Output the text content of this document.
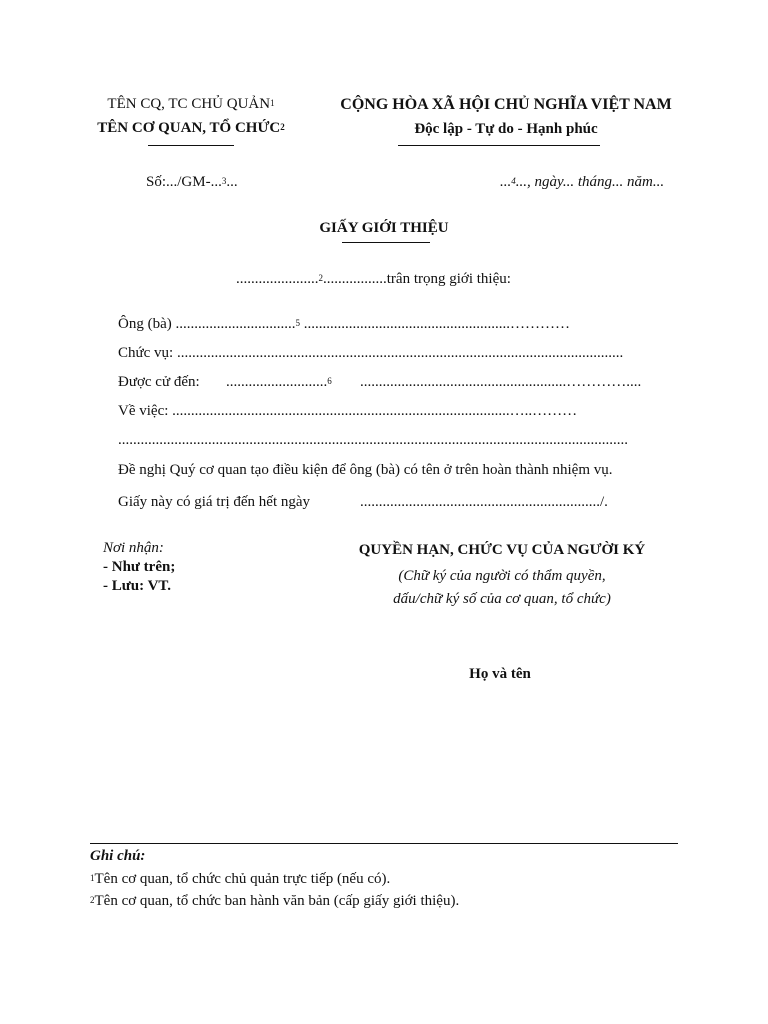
TÊN CQ, TC CHỦ QUẢN$^1$
TÊN CƠ QUAN, TỔ CHỨC$^2$
CỘNG HÒA XÃ HỘI CHỦ NGHĨA VIỆT NAM
Độc lập - Tự do - Hạnh phúc
Số:.../GM-...$^3$...	...$^4$..., ngày... tháng... năm...
GIẤY GIỚI THIỆU
......................$^2$.................trân trọng giới thiệu:
Ông (bà) ................................$^5$ .......................................................…………
Chức vụ: .......................................................................................................................
Được cử đến: ...........................$^6$ .......................................................…………....
Về việc: ..........................................................................................…..………
........................................................................................................................................
Đề nghị Quý cơ quan tạo điều kiện để ông (bà) có tên ở trên hoàn thành nhiệm vụ.
Giấy này có giá trị đến hết ngày	................................................................/.
Nơi nhận:
- Như trên;
- Lưu: VT.
QUYỀN HẠN, CHỨC VỤ CỦA NGƯỜI KÝ
(Chữ ký của người có thẩm quyền,
dấu/chữ ký số của cơ quan, tổ chức)
Họ và tên
Ghi chú:
$^1$Tên cơ quan, tổ chức chủ quản trực tiếp (nếu có).
$^2$Tên cơ quan, tổ chức ban hành văn bản (cấp giấy giới thiệu).
